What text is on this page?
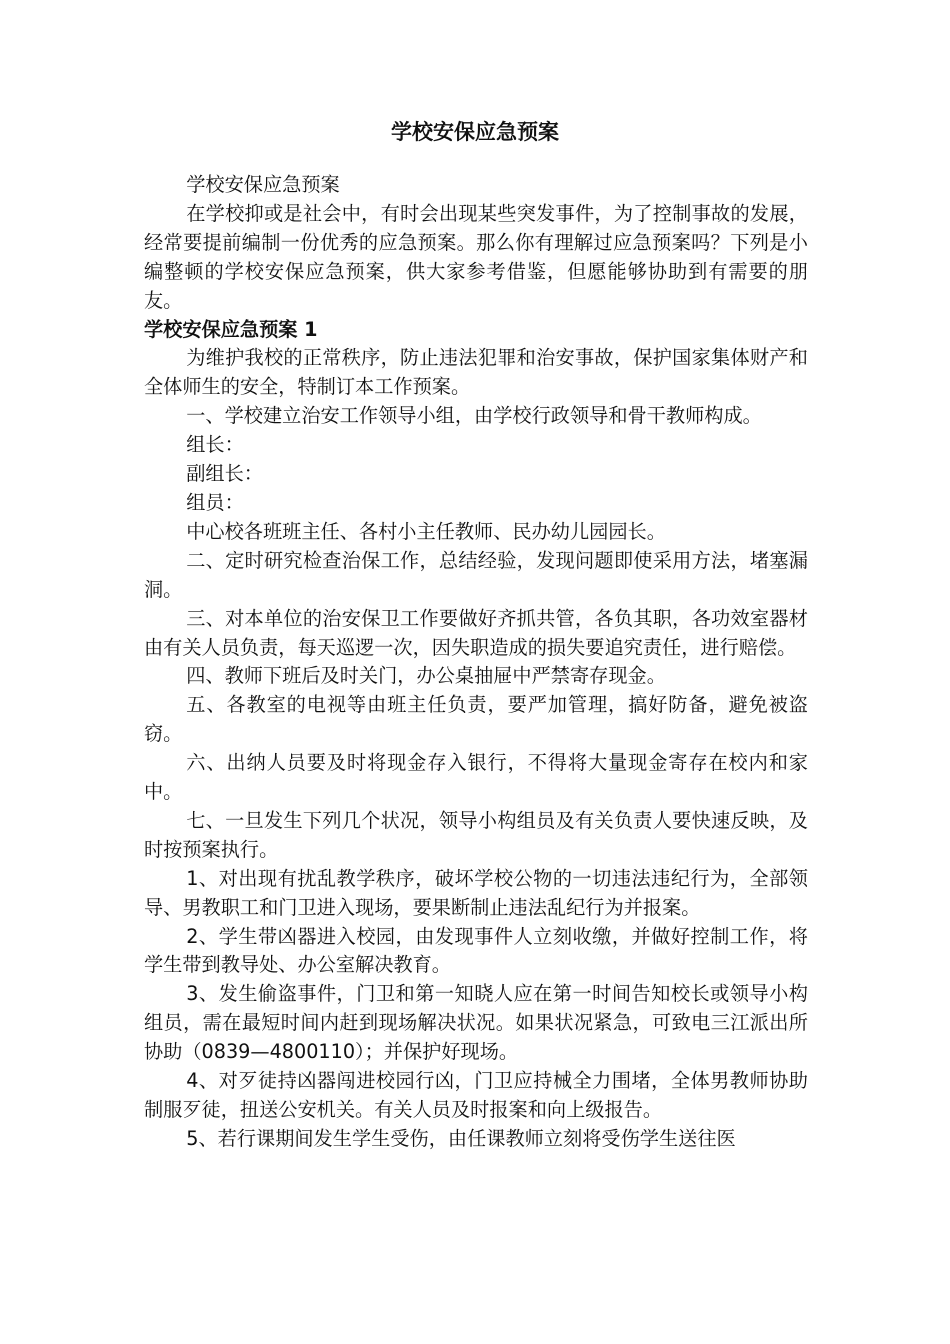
学校安保应急预案

学校安保应急预案

在学校抑或是社会中，有时会出现某些突发事件，为了控制事故的发展，经常要提前编制一份优秀的应急预案。那么你有理解过应急预案吗？下列是小编整顿的学校安保应急预案，供大家参考借鉴，但愿能够协助到有需要的朋友。

学校安保应急预案 1

为维护我校的正常秩序，防止违法犯罪和治安事故，保护国家集体财产和全体师生的安全，特制订本工作预案。

一、学校建立治安工作领导小组，由学校行政领导和骨干教师构成。

组长：

副组长：

组员：

中心校各班班主任、各村小主任教师、民办幼儿园园长。

二、定时研究检查治保工作，总结经验，发现问题即使采用方法，堵塞漏洞。

三、对本单位的治安保卫工作要做好齐抓共管，各负其职，各功效室器材由有关人员负责，每天巡逻一次，因失职造成的损失要追究责任，进行赔偿。

四、教师下班后及时关门，办公桌抽屉中严禁寄存现金。

五、各教室的电视等由班主任负责，要严加管理，搞好防备，避免被盗窃。

六、出纳人员要及时将现金存入银行，不得将大量现金寄存在校内和家中。

七、一旦发生下列几个状况，领导小构组员及有关负责人要快速反映，及时按预案执行。

1、对出现有扰乱教学秩序，破坏学校公物的一切违法违纪行为，全部领导、男教职工和门卫进入现场，要果断制止违法乱纪行为并报案。

2、学生带凶器进入校园，由发现事件人立刻收缴，并做好控制工作，将学生带到教导处、办公室解决教育。

3、发生偷盗事件，门卫和第一知晓人应在第一时间告知校长或领导小构组员，需在最短时间内赶到现场解决状况。如果状况紧急，可致电三江派出所协助（0839—4800110）；并保护好现场。

4、对歹徒持凶器闯进校园行凶，门卫应持械全力围堵，全体男教师协助制服歹徒，扭送公安机关。有关人员及时报案和向上级报告。

5、若行课期间发生学生受伤，由任课教师立刻将受伤学生送往医
